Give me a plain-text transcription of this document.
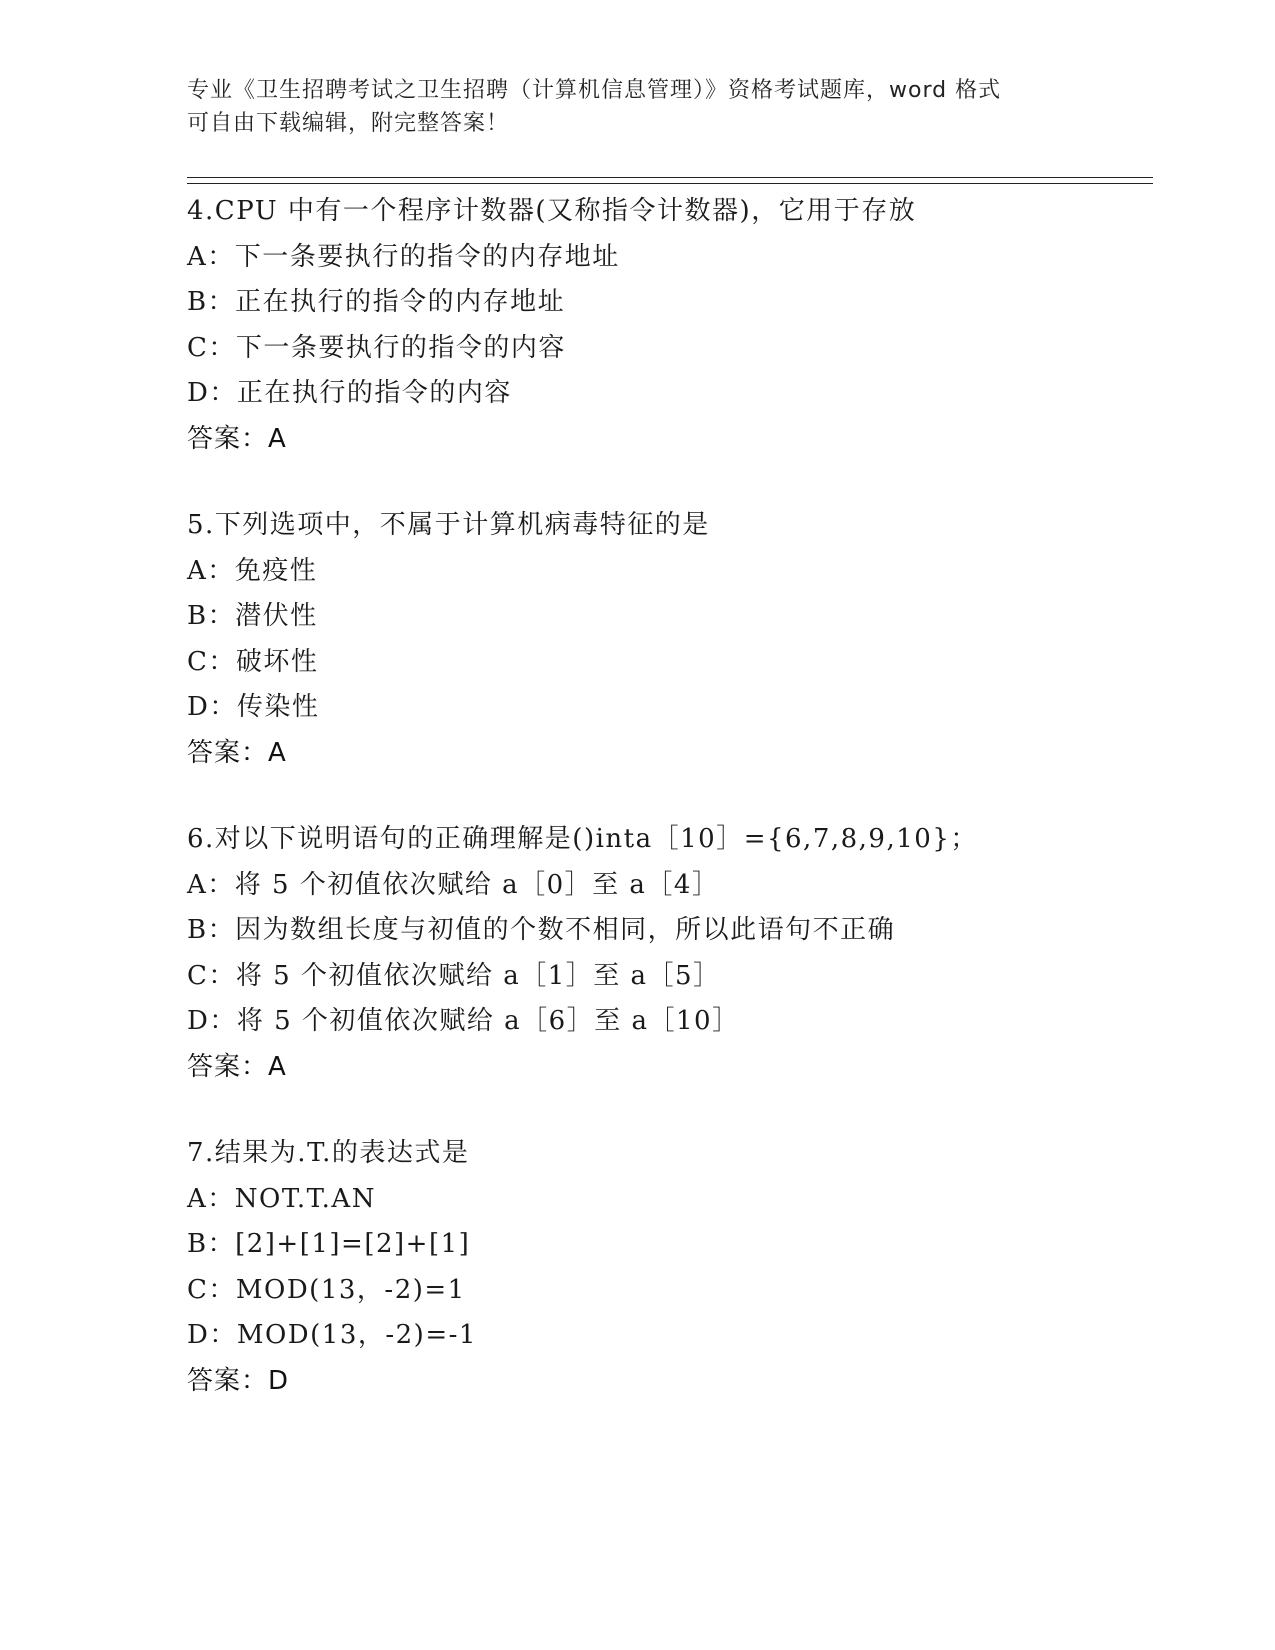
专业《卫生招聘考试之卫生招聘（计算机信息管理）》资格考试题库，word 格式
可自由下载编辑，附完整答案！
4.CPU 中有一个程序计数器(又称指令计数器)，它用于存放
A：下一条要执行的指令的内存地址
B：正在执行的指令的内存地址
C：下一条要执行的指令的内容
D：正在执行的指令的内容
答案：A
5.下列选项中，不属于计算机病毒特征的是
A：免疫性
B：潜伏性
C：破坏性
D：传染性
答案：A
6.对以下说明语句的正确理解是()inta［10］={6,7,8,9,10}；
A：将 5 个初值依次赋给 a［0］至 a［4］
B：因为数组长度与初值的个数不相同，所以此语句不正确
C：将 5 个初值依次赋给 a［1］至 a［5］
D：将 5 个初值依次赋给 a［6］至 a［10］
答案：A
7.结果为.T.的表达式是
A：NOT.T.AN
B：[2]+[1]=[2]+[1]
C：MOD(13，-2)=1
D：MOD(13，-2)=-1
答案：D
